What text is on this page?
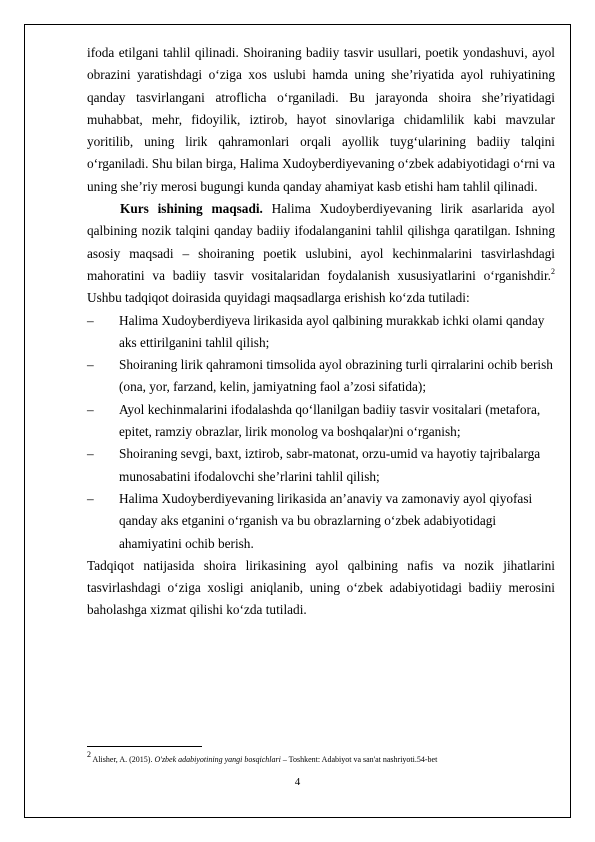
ifoda etilgani tahlil qilinadi. Shoiraning badiiy tasvir usullari, poetik yondashuvi, ayol obrazini yaratishdagi o‘ziga xos uslubi hamda uning she’riyatida ayol ruhiyatining qanday tasvirlangani atroflicha o‘rganiladi. Bu jarayonda shoira she’riyatidagi muhabbat, mehr, fidoyilik, iztirob, hayot sinovlariga chidamlilik kabi mavzular yoritilib, uning lirik qahramonlari orqali ayollik tuyg‘ularining badiiy talqini o‘rganiladi. Shu bilan birga, Halima Xudoyberdiyevaning o‘zbek adabiyotidagi o‘rni va uning she’riy merosi bugungi kunda qanday ahamiyat kasb etishi ham tahlil qilinadi.

Kurs ishining maqsadi. Halima Xudoyberdiyevaning lirik asarlarida ayol qalbining nozik talqini qanday badiiy ifodalanganini tahlil qilishga qaratilgan. Ishning asosiy maqsadi – shoiraning poetik uslubini, ayol kechinmalarini tasvirlashdagi mahoratini va badiiy tasvir vositalaridan foydalanish xususiyatlarini o‘rganishdir.$^2$ Ushbu tadqiqot doirasida quyidagi maqsadlarga erishish ko‘zda tutiladi:

– Halima Xudoyberdiyeva lirikasida ayol qalbining murakkab ichki olami qanday aks ettirilganini tahlil qilish;
– Shoiraning lirik qahramoni timsolida ayol obrazining turli qirralarini ochib berish (ona, yor, farzand, kelin, jamiyatning faol a’zosi sifatida);
– Ayol kechinmalarini ifodalashda qo‘llanilgan badiiy tasvir vositalari (metafora, epitet, ramziy obrazlar, lirik monolog va boshqalar)ni o‘rganish;
– Shoiraning sevgi, baxt, iztirob, sabr-matonat, orzu-umid va hayotiy tajribalarga munosabatini ifodalovchi she’rlarini tahlil qilish;
– Halima Xudoyberdiyevaning lirikasida an’anaviy va zamonaviy ayol qiyofasi qanday aks etganini o‘rganish va bu obrazlarning o‘zbek adabiyotidagi ahamiyatini ochib berish.

Tadqiqot natijasida shoira lirikasining ayol qalbining nafis va nozik jihatlarini tasvirlashdagi o‘ziga xosligi aniqlanib, uning o‘zbek adabiyotidagi badiiy merosini baholashga xizmat qilishi ko‘zda tutiladi.

$^2$ Alisher, A. (2015). O'zbek adabiyotining yangi bosqichlari – Toshkent: Adabiyot va san'at nashriyoti.54-bet
4
